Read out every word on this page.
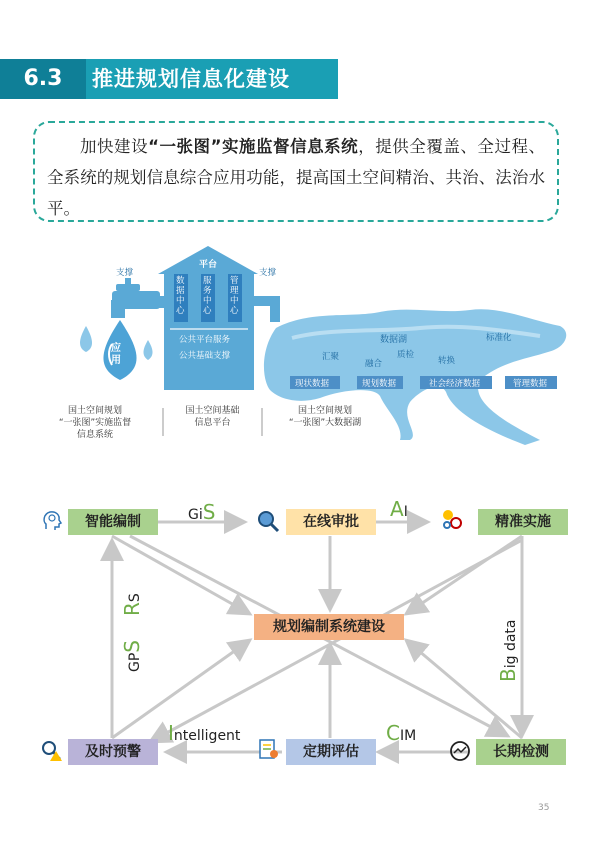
6.3	推进规划信息化建设

加快建设“一张图”实施监督信息系统，提供全覆盖、全过程、全系统的规划信息综合应用功能，提高国土空间精治、共治、法治水平。

支撑	支撑
平台
数据中心
服务中心
管理中心
公共平台服务
公共基础支撑
应用
数据湖
汇聚
融合
质检
转换
标准化
现状数据	规划数据	社会经济数据	管理数据
国土空间规划
“一张图”实施监督
信息系统
国土空间基础
信息平台
国土空间规划
“一张图”大数据湖
智能编制	在线审批	精准实施
规划编制系统建设
及时预警	定期评估	长期检测
GiS	AI
CIM
Intelligent
Big data
GPS
RS
35
